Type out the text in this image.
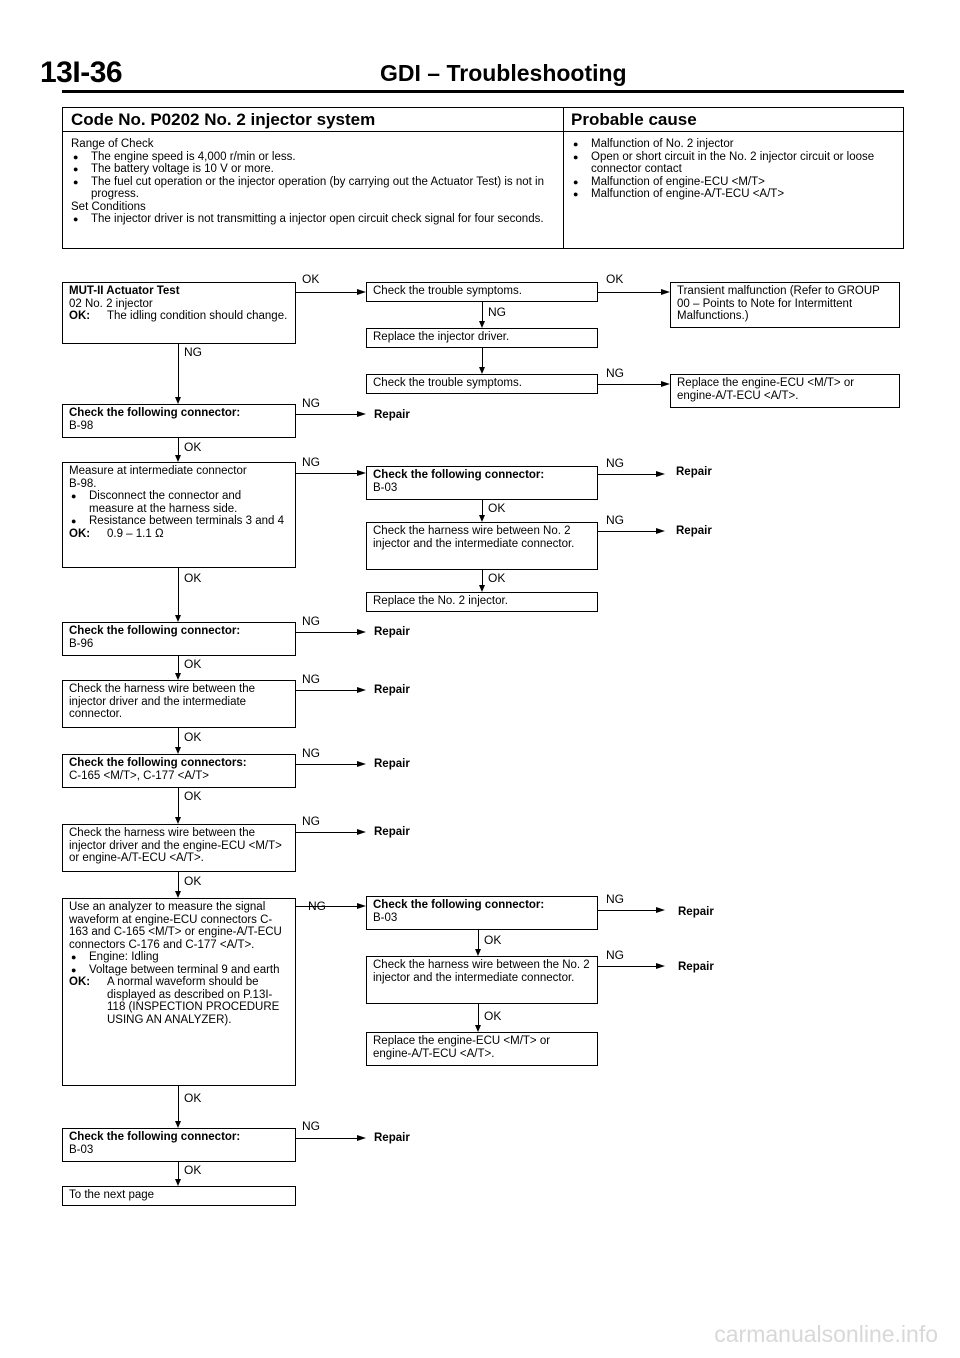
13I-36	GDI – Troubleshooting
Code No. P0202 No. 2 injector system	Probable cause
Range of Check
● The engine speed is 4,000 r/min or less.
● The battery voltage is 10 V or more.
● The fuel cut operation or the injector operation (by carrying out the Actuator Test) is not in progress.
Set Conditions
● The injector driver is not transmitting a injector open circuit check signal for four seconds.
● Malfunction of No. 2 injector
● Open or short circuit in the No. 2 injector circuit or loose connector contact
● Malfunction of engine-ECU <M/T>
● Malfunction of engine-A/T-ECU <A/T>
MUT-II Actuator Test
02 No. 2 injector
OK:	The idling condition should change.
Check the following connector:
B-98
Measure at intermediate connector
B-98.
● Disconnect the connector and measure at the harness side.
● Resistance between terminals 3 and 4
OK:	0.9 – 1.1 Ω
Check the following connector:
B-96
Check the harness wire between the injector driver and the intermediate connector.
Check the following connectors:
C-165 <M/T>, C-177 <A/T>
Check the harness wire between the injector driver and the engine-ECU <M/T> or engine-A/T-ECU <A/T>.
Use an analyzer to measure the signal waveform at engine-ECU connectors C-163 and C-165 <M/T> or engine-A/T-ECU connectors C-176 and C-177 <A/T>.
● Engine: Idling
● Voltage between terminal 9 and earth
OK:	A normal waveform should be displayed as described on P.13I-118 (INSPECTION PROCEDURE USING AN ANALYZER).
Check the following connector:
B-03
To the next page
Check the trouble symptoms.
Replace the injector driver.
Check the trouble symptoms.
Check the following connector:
B-03
Check the harness wire between No. 2 injector and the intermediate connector.
Replace the No. 2 injector.
Check the following connector:
B-03
Check the harness wire between the No. 2 injector and the intermediate connector.
Replace the engine-ECU <M/T> or engine-A/T-ECU <A/T>.
Transient malfunction (Refer to GROUP 00 – Points to Note for Intermittent Malfunctions.)
Replace the engine-ECU <M/T> or engine-A/T-ECU <A/T>.
NG
OK
OK
OK
OK
OK
OK
OK
OK
OK
NG
Repair
NG
NG
Repair
NG
Repair
NG
Repair
NG
Repair
NG
NG
Repair
NG
OK
OK
OK
OK
OK
NG
NG
Repair
NG
Repair
NG
Repair
NG
Repair
carmanualsonline.info
